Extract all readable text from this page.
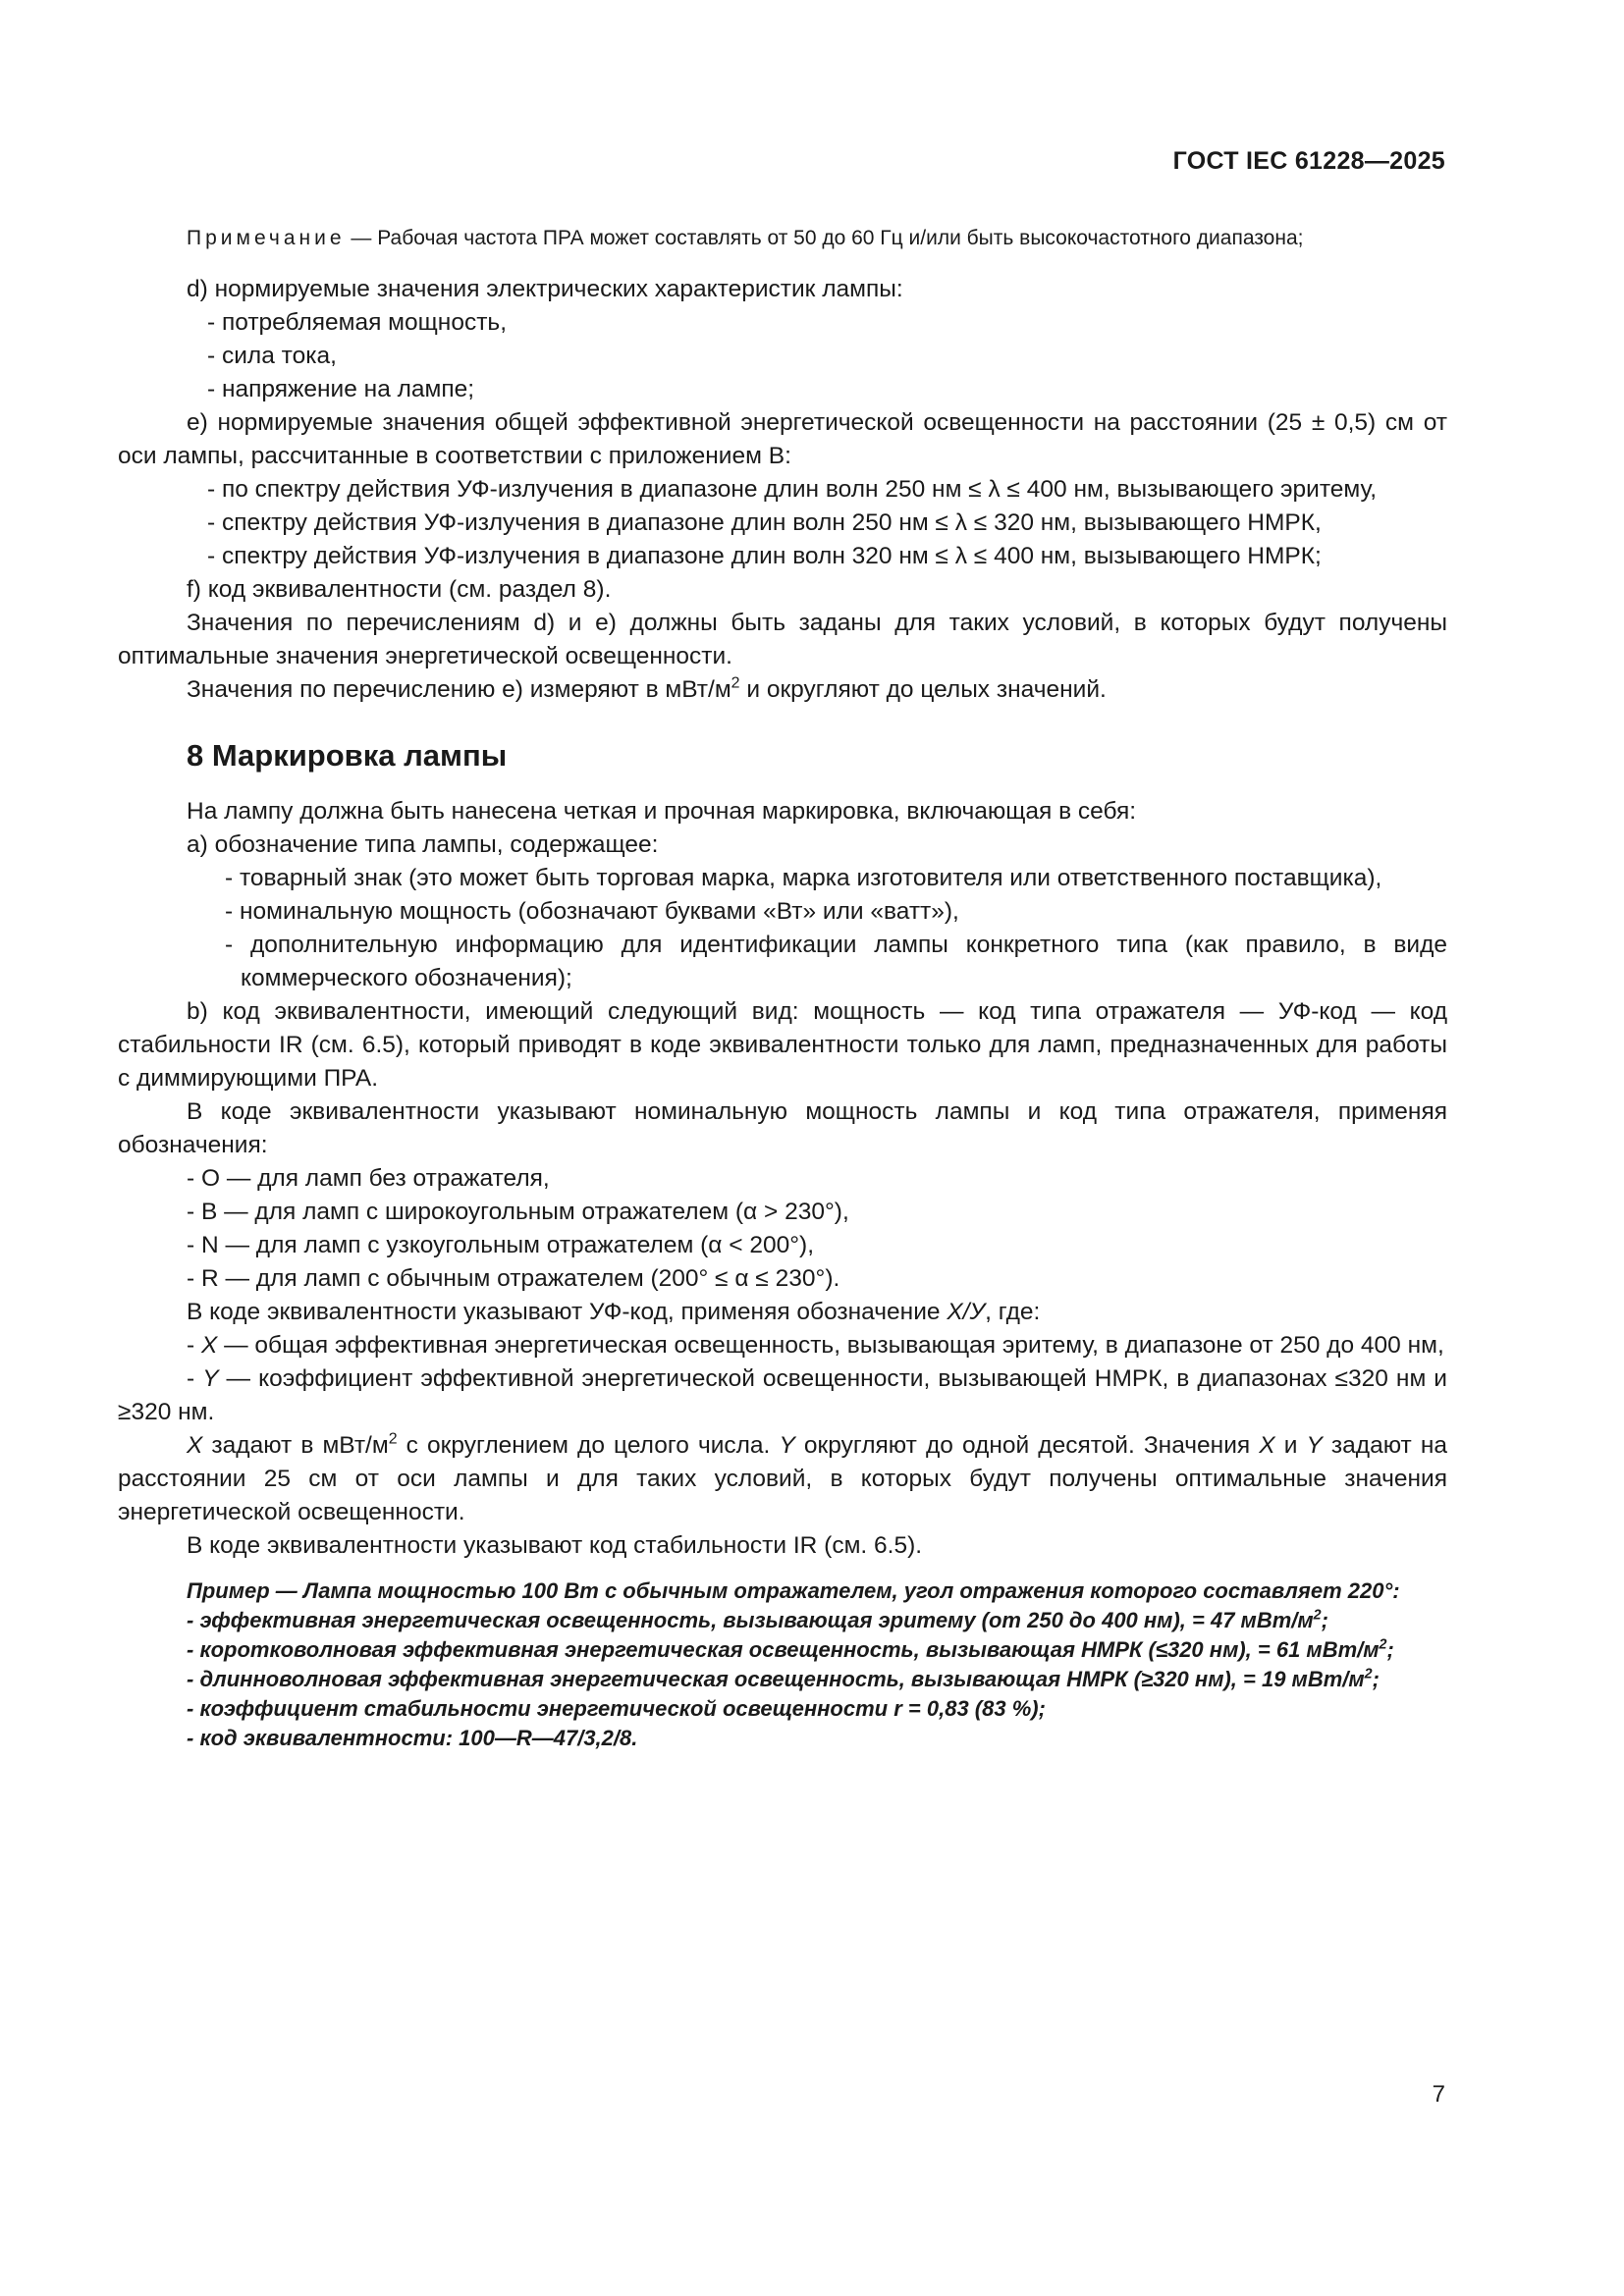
ГОСТ IEC 61228—2025

Примечание — Рабочая частота ПРА может составлять от 50 до 60 Гц и/или быть высокочастотного диапазона;

d) нормируемые значения электрических характеристик лампы:

- потребляемая мощность,

- сила тока,

- напряжение на лампе;

e) нормируемые значения общей эффективной энергетической освещенности на расстоянии (25 ± 0,5) см от оси лампы, рассчитанные в соответствии с приложением B:

- по спектру действия УФ-излучения в диапазоне длин волн 250 нм ≤ λ ≤ 400 нм, вызывающего эритему,

- спектру действия УФ-излучения в диапазоне длин волн 250 нм ≤ λ ≤ 320 нм, вызывающего НМРК,

- спектру действия УФ-излучения в диапазоне длин волн 320 нм ≤ λ ≤ 400 нм, вызывающего НМРК;

f) код эквивалентности (см. раздел 8).

Значения по перечислениям d) и e) должны быть заданы для таких условий, в которых будут получены оптимальные значения энергетической освещенности.

Значения по перечислению e) измеряют в мВт/$м^2$ и округляют до целых значений.

8 Маркировка лампы

На лампу должна быть нанесена четкая и прочная маркировка, включающая в себя:

a) обозначение типа лампы, содержащее:

- товарный знак (это может быть торговая марка, марка изготовителя или ответственного поставщика),

- номинальную мощность (обозначают буквами «Вт» или «ватт»),

- дополнительную информацию для идентификации лампы конкретного типа (как правило, в виде коммерческого обозначения);

b) код эквивалентности, имеющий следующий вид: мощность — код типа отражателя — УФ-код — код стабильности IR (см. 6.5), который приводят в коде эквивалентности только для ламп, предназначенных для работы с диммирующими ПРА.

В коде эквивалентности указывают номинальную мощность лампы и код типа отражателя, применяя обозначения:

- O — для ламп без отражателя,

- B — для ламп с широкоугольным отражателем (α > 230°),

- N — для ламп с узкоугольным отражателем (α < 200°),

- R — для ламп с обычным отражателем (200° ≤ α ≤ 230°).

В коде эквивалентности указывают УФ-код, применяя обозначение X/У, где:

- X — общая эффективная энергетическая освещенность, вызывающая эритему, в диапазоне от 250 до 400 нм,

- Y — коэффициент эффективной энергетической освещенности, вызывающей НМРК, в диапазонах ≤320 нм и ≥320 нм.

X задают в мВт/$м^2$ с округлением до целого числа. Y округляют до одной десятой. Значения X и Y задают на расстоянии 25 см от оси лампы и для таких условий, в которых будут получены оптимальные значения энергетической освещенности.

В коде эквивалентности указывают код стабильности IR (см. 6.5).

Пример — Лампа мощностью 100 Вт с обычным отражателем, угол отражения которого составляет 220°:

- эффективная энергетическая освещенность, вызывающая эритему (от 250 до 400 нм), = 47 мВт/$м^2$;

- коротковолновая эффективная энергетическая освещенность, вызывающая НМРК (≤320 нм), = 61 мВт/$м^2$;

- длинноволновая эффективная энергетическая освещенность, вызывающая НМРК (≥320 нм), = 19 мВт/$м^2$;

- коэффициент стабильности энергетической освещенности r = 0,83 (83 %);

- код эквивалентности: 100—R—47/3,2/8.

7
